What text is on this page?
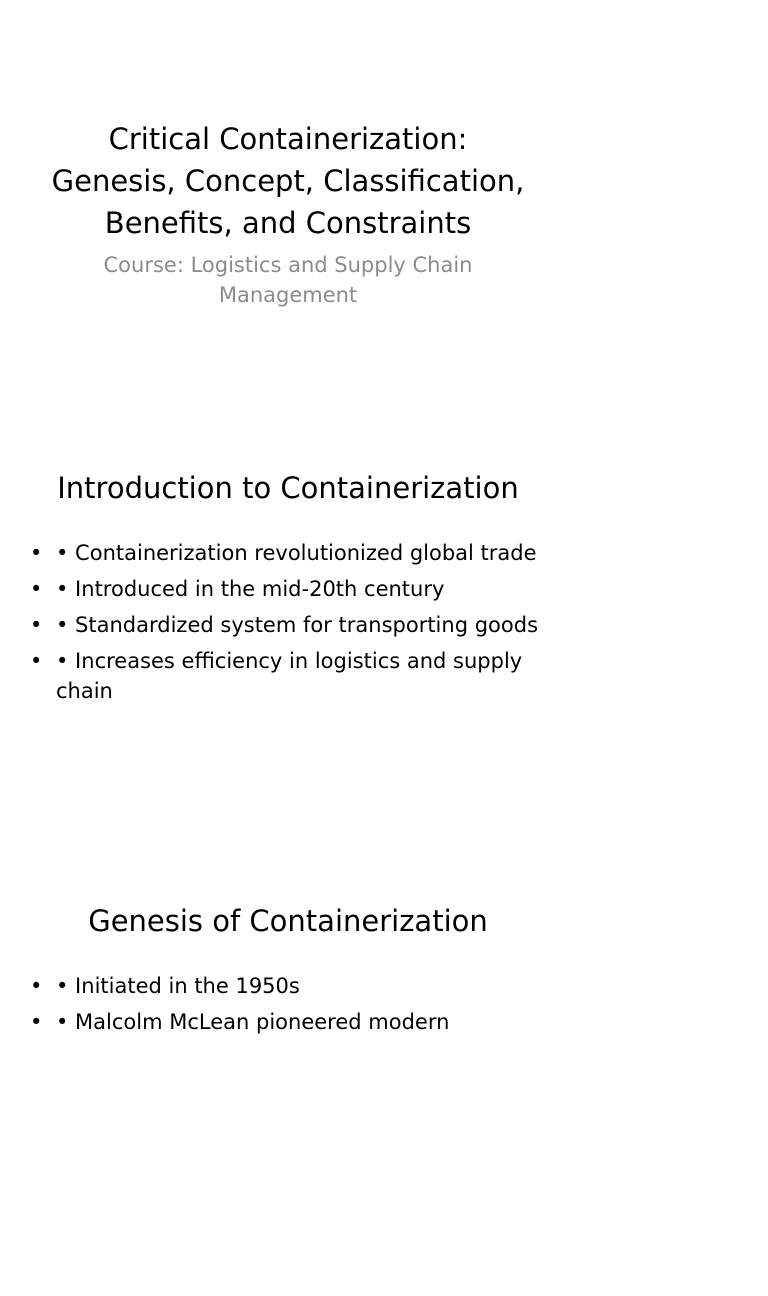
Critical Containerization:
Genesis, Concept, Classification,
Benefits, and Constraints

Course: Logistics and Supply Chain
Management

Introduction to Containerization
• • Containerization revolutionized global trade
• • Introduced in the mid-20th century
• • Standardized system for transporting goods
• • Increases efficiency in logistics and supply chain
Genesis of Containerization
• • Initiated in the 1950s
• • Malcolm McLean pioneered modern
